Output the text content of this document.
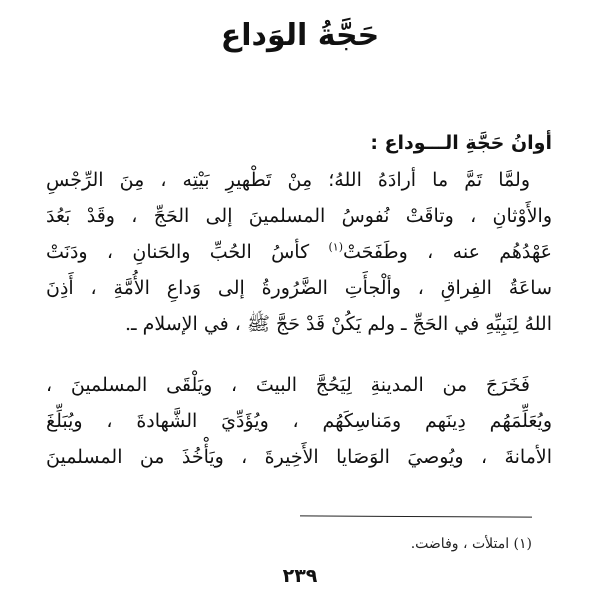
حَجَّةُ الوَداع
أوانُ حَجَّةِ الـــوداع :
ولمَّا تَمَّ ما أرادَهُ اللهُ؛ مِنْ تَطْهيرِ بَيْتِه ، مِنَ الرِّجْسِ
والأَوْثانِ ، وتاقَتْ نُفوسُ المسلمينَ إلى الحَجِّ ، وقَدْ بَعُدَ
عَهْدُهُم عنه ، وطَفَحَتْ$^{(١)}$ كأسُ الحُبِّ والحَنانِ ، ودَنَتْ
ساعَةُ الفِراقِ ، وألْجأَتِ الضَّرُورةُ إلى وَداعِ الأُمَّةِ ، أَذِنَ
اللهُ لِنَبِيِّهِ في الحَجِّ ـ ولم يَكُنْ قَدْ حَجَّ ﷺ ، في الإسلام ـ.
فَخَرَجَ من المدينةِ لِيَحُجَّ البيتَ ، ويَلْقَى المسلمينَ ،
ويُعَلِّمَهُم دِينَهم ومَناسِكَهُم ، ويُؤَدِّيَ الشَّهادةَ ، ويُبَلِّغَ
الأمانةَ ، ويُوصيَ الوَصَايا الأَخِيرةَ ، ويَأْخُذَ من المسلمينَ
(١) امتلأت ، وفاضت.
٢٣٩
